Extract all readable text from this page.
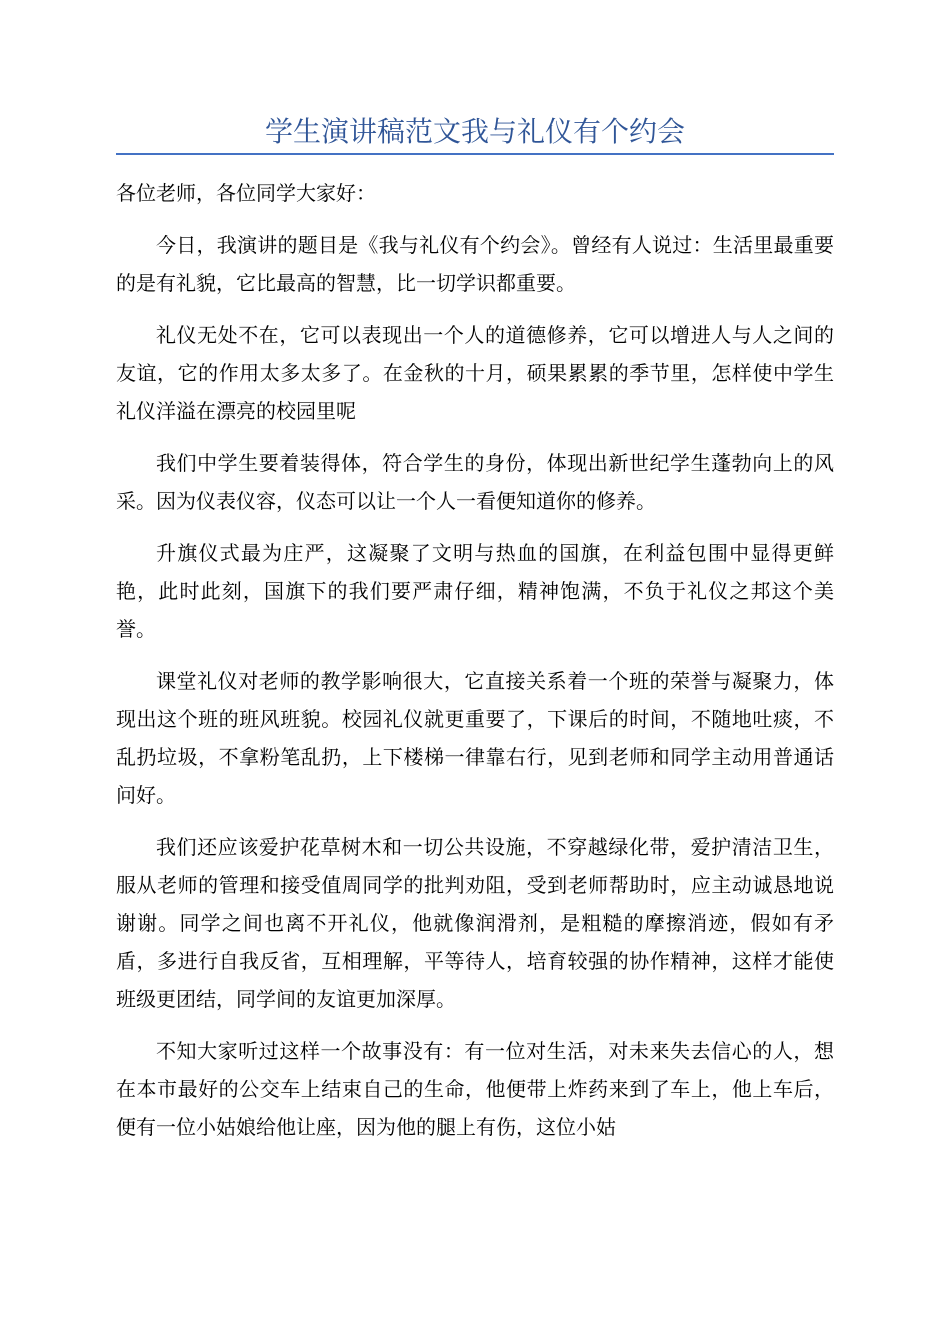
学生演讲稿范文我与礼仪有个约会

各位老师，各位同学大家好：

今日，我演讲的题目是《我与礼仪有个约会》。曾经有人说过：生活里最重要的是有礼貌，它比最高的智慧，比一切学识都重要。

礼仪无处不在，它可以表现出一个人的道德修养，它可以增进人与人之间的友谊，它的作用太多太多了。在金秋的十月，硕果累累的季节里，怎样使中学生礼仪洋溢在漂亮的校园里呢

我们中学生要着装得体，符合学生的身份，体现出新世纪学生蓬勃向上的风采。因为仪表仪容，仪态可以让一个人一看便知道你的修养。

升旗仪式最为庄严，这凝聚了文明与热血的国旗，在利益包围中显得更鲜艳，此时此刻，国旗下的我们要严肃仔细，精神饱满，不负于礼仪之邦这个美誉。

课堂礼仪对老师的教学影响很大，它直接关系着一个班的荣誉与凝聚力，体现出这个班的班风班貌。校园礼仪就更重要了，下课后的时间，不随地吐痰，不乱扔垃圾，不拿粉笔乱扔，上下楼梯一律靠右行，见到老师和同学主动用普通话问好。

我们还应该爱护花草树木和一切公共设施，不穿越绿化带，爱护清洁卫生，服从老师的管理和接受值周同学的批判劝阻，受到老师帮助时，应主动诚恳地说谢谢。同学之间也离不开礼仪，他就像润滑剂，是粗糙的摩擦消迹，假如有矛盾，多进行自我反省，互相理解，平等待人，培育较强的协作精神，这样才能使班级更团结，同学间的友谊更加深厚。

不知大家听过这样一个故事没有：有一位对生活，对未来失去信心的人，想在本市最好的公交车上结束自己的生命，他便带上炸药来到了车上，他上车后，便有一位小姑娘给他让座，因为他的腿上有伤，这位小姑
